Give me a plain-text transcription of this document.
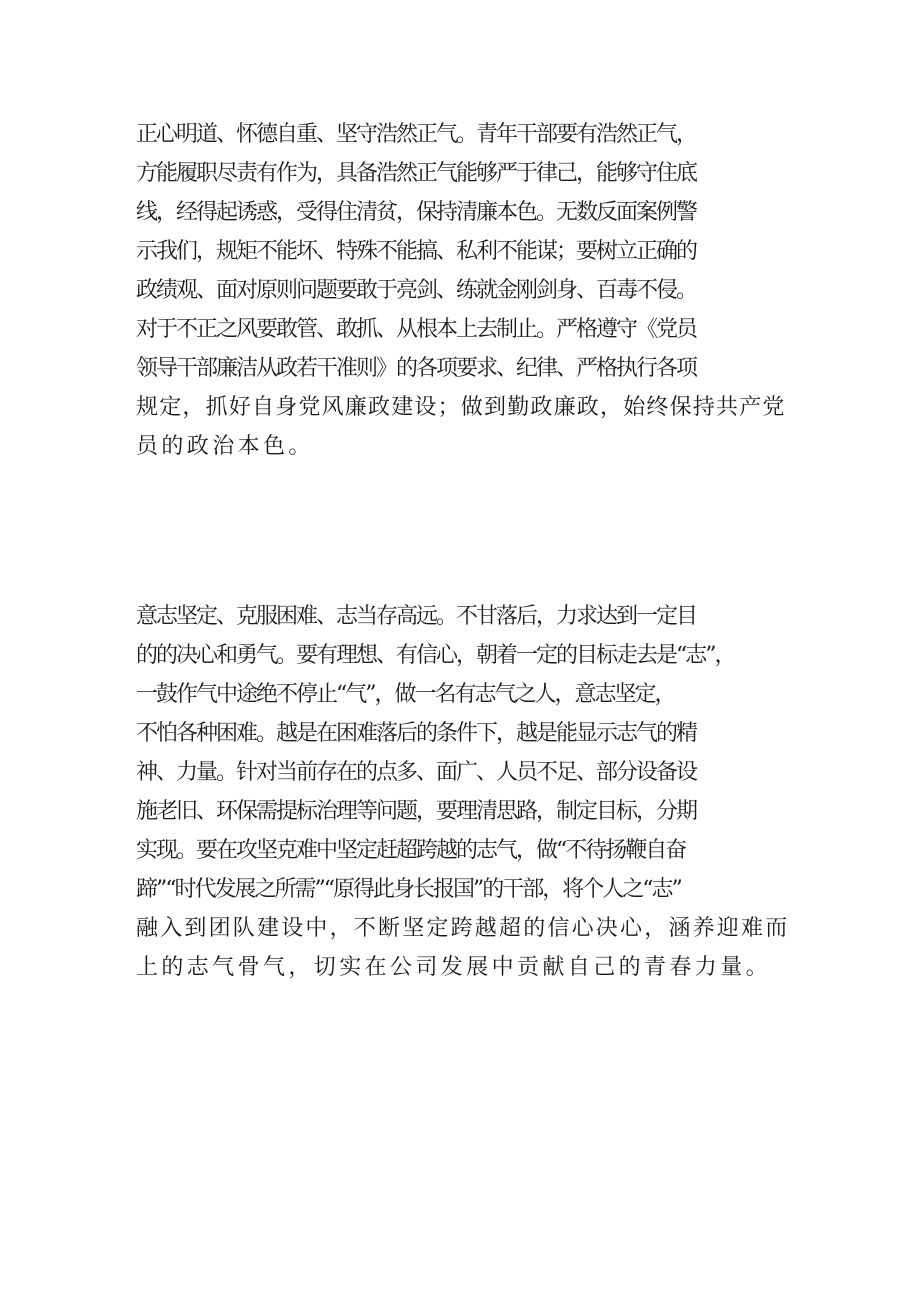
正心明道、怀德自重、坚守浩然正气。青年干部要有浩然正气，
方能履职尽责有作为，具备浩然正气能够严于律己，能够守住底
线，经得起诱惑，受得住清贫，保持清廉本色。无数反面案例警
示我们，规矩不能坏、特殊不能搞、私利不能谋；要树立正确的
政绩观、面对原则问题要敢于亮剑、练就金刚剑身、百毒不侵。
对于不正之风要敢管、敢抓、从根本上去制止。严格遵守《党员
领导干部廉洁从政若干准则》的各项要求、纪律、严格执行各项
规定，抓好自身党风廉政建设；做到勤政廉政，始终保持共产党
员的政治本色。
意志坚定、克服困难、志当存高远。不甘落后，力求达到一定目
的的决心和勇气。要有理想、有信心，朝着一定的目标走去是“志”，
一鼓作气中途绝不停止“气”，做一名有志气之人，意志坚定，
不怕各种困难。越是在困难落后的条件下，越是能显示志气的精
神、力量。针对当前存在的点多、面广、人员不足、部分设备设
施老旧、环保需提标治理等问题，要理清思路，制定目标，分期
实现。要在攻坚克难中坚定赶超跨越的志气，做“不待扬鞭自奋
蹄”“时代发展之所需”“原得此身长报国”的干部，将个人之“志”
融入到团队建设中，不断坚定跨越超的信心决心，涵养迎难而
上的志气骨气，切实在公司发展中贡献自己的青春力量。
